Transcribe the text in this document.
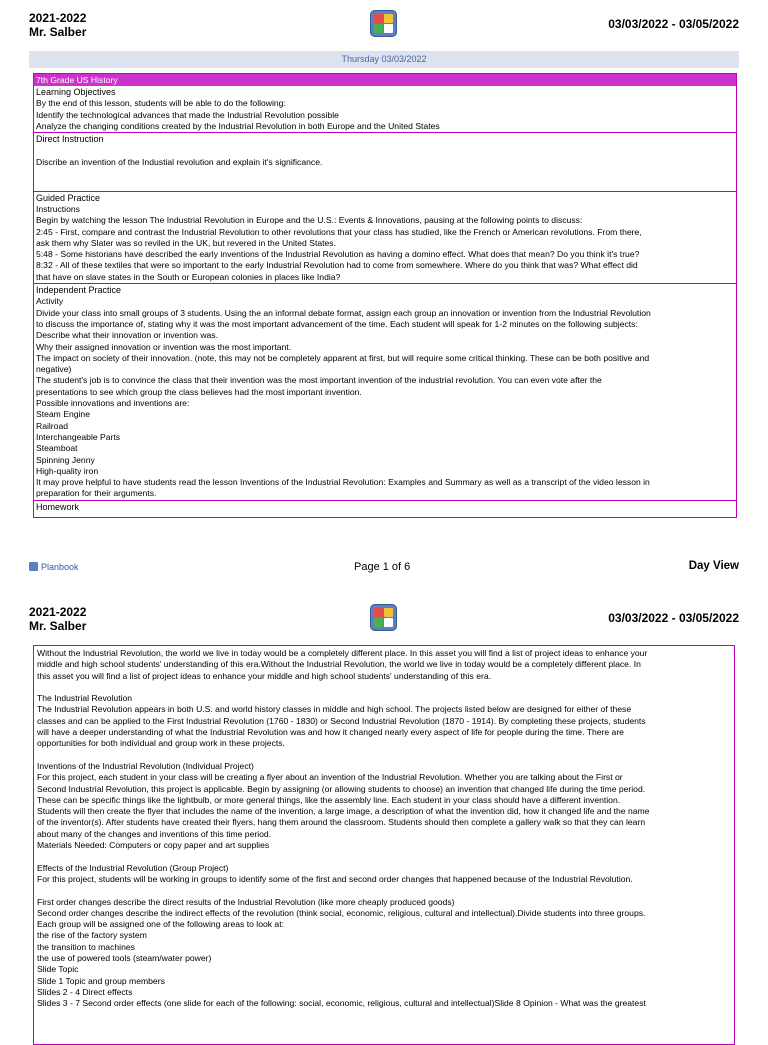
2021-2022
Mr. Salber
03/03/2022 - 03/05/2022
Thursday 03/03/2022
7th Grade US History
Learning Objectives
By the end of this lesson, students will be able to do the following:
Identify the technological advances that made the Industrial Revolution possible
Analyze the changing conditions created by the Industrial Revolution in both Europe and the United States
Direct Instruction
Discribe an invention of the Industial revolution and explain it's significance.
Guided Practice
Instructions
Begin by watching the lesson The Industrial Revolution in Europe and the U.S.: Events & Innovations, pausing at the following points to discuss:
2:45 - First, compare and contrast the Industrial Revolution to other revolutions that your class has studied, like the French or American revolutions. From there,
ask them why Slater was so reviled in the UK, but revered in the United States.
5:48 - Some historians have described the early inventions of the Industrial Revolution as having a domino effect. What does that mean? Do you think it's true?
8:32 - All of these textiles that were so important to the early Industrial Revolution had to come from somewhere. Where do you think that was? What effect did
that have on slave states in the South or European colonies in places like India?
Independent Practice
Activity
Divide your class into small groups of 3 students. Using the an informal debate format, assign each group an innovation or invention from the Industrial Revolution
to discuss the importance of, stating why it was the most important advancement of the time. Each student will speak for 1-2 minutes on the following subjects:
Describe what their innovation or invention was.
Why their assigned innovation or invention was the most important.
The impact on society of their innovation. (note, this may not be completely apparent at first, but will require some critical thinking. These can be both positive and
negative)
The student's job is to convince the class that their invention was the most important invention of the industrial revolution. You can even vote after the
presentations to see which group the class believes had the most important invention.
Possible innovations and inventions are:
Steam Engine
Railroad
Interchangeable Parts
Steamboat
Spinning Jenny
High-quality iron
It may prove helpful to have students read the lesson Inventions of the Industrial Revolution: Examples and Summary as well as a transcript of the video lesson in
preparation for their arguments.
Homework
Planbook	Page 1 of 6	Day View
2021-2022
Mr. Salber
03/03/2022 - 03/05/2022
Without the Industrial Revolution, the world we live in today would be a completely different place. In this asset you will find a list of project ideas to enhance your
middle and high school students' understanding of this era.Without the Industrial Revolution, the world we live in today would be a completely different place. In
this asset you will find a list of project ideas to enhance your middle and high school students' understanding of this era.
The Industrial Revolution
The Industrial Revolution appears in both U.S. and world history classes in middle and high school. The projects listed below are designed for either of these
classes and can be applied to the First Industrial Revolution (1760 - 1830) or Second Industrial Revolution (1870 - 1914). By completing these projects, students
will have a deeper understanding of what the Industrial Revolution was and how it changed nearly every aspect of life for people during the time. There are
opportunities for both individual and group work in these projects.
Inventions of the Industrial Revolution (Individual Project)
For this project, each student in your class will be creating a flyer about an invention of the Industrial Revolution. Whether you are talking about the First or
Second Industrial Revolution, this project is applicable. Begin by assigning (or allowing students to choose) an invention that changed life during the time period.
These can be specific things like the lightbulb, or more general things, like the assembly line. Each student in your class should have a different invention.
Students will then create the flyer that includes the name of the invention, a large image, a description of what the invention did, how it changed life and the name
of the inventor(s). After students have created their flyers, hang them around the classroom. Students should then complete a gallery walk so that they can learn
about many of the changes and inventions of this time period.
Materials Needed: Computers or copy paper and art supplies
Effects of the Industrial Revolution (Group Project)
For this project, students will be working in groups to identify some of the first and second order changes that happened because of the Industrial Revolution.
First order changes describe the direct results of the Industrial Revolution (like more cheaply produced goods)
Second order changes describe the indirect effects of the revolution (think social, economic, religious, cultural and intellectual).Divide students into three groups.
Each group will be assigned one of the following areas to look at:
the rise of the factory system
the transition to machines
the use of powered tools (steam/water power)
Slide Topic
Slide 1 Topic and group members
Slides 2 - 4 Direct effects
Slides 3 - 7 Second order effects (one slide for each of the following: social, economic, religious, cultural and intellectual)Slide 8 Opinion - What was the greatest
